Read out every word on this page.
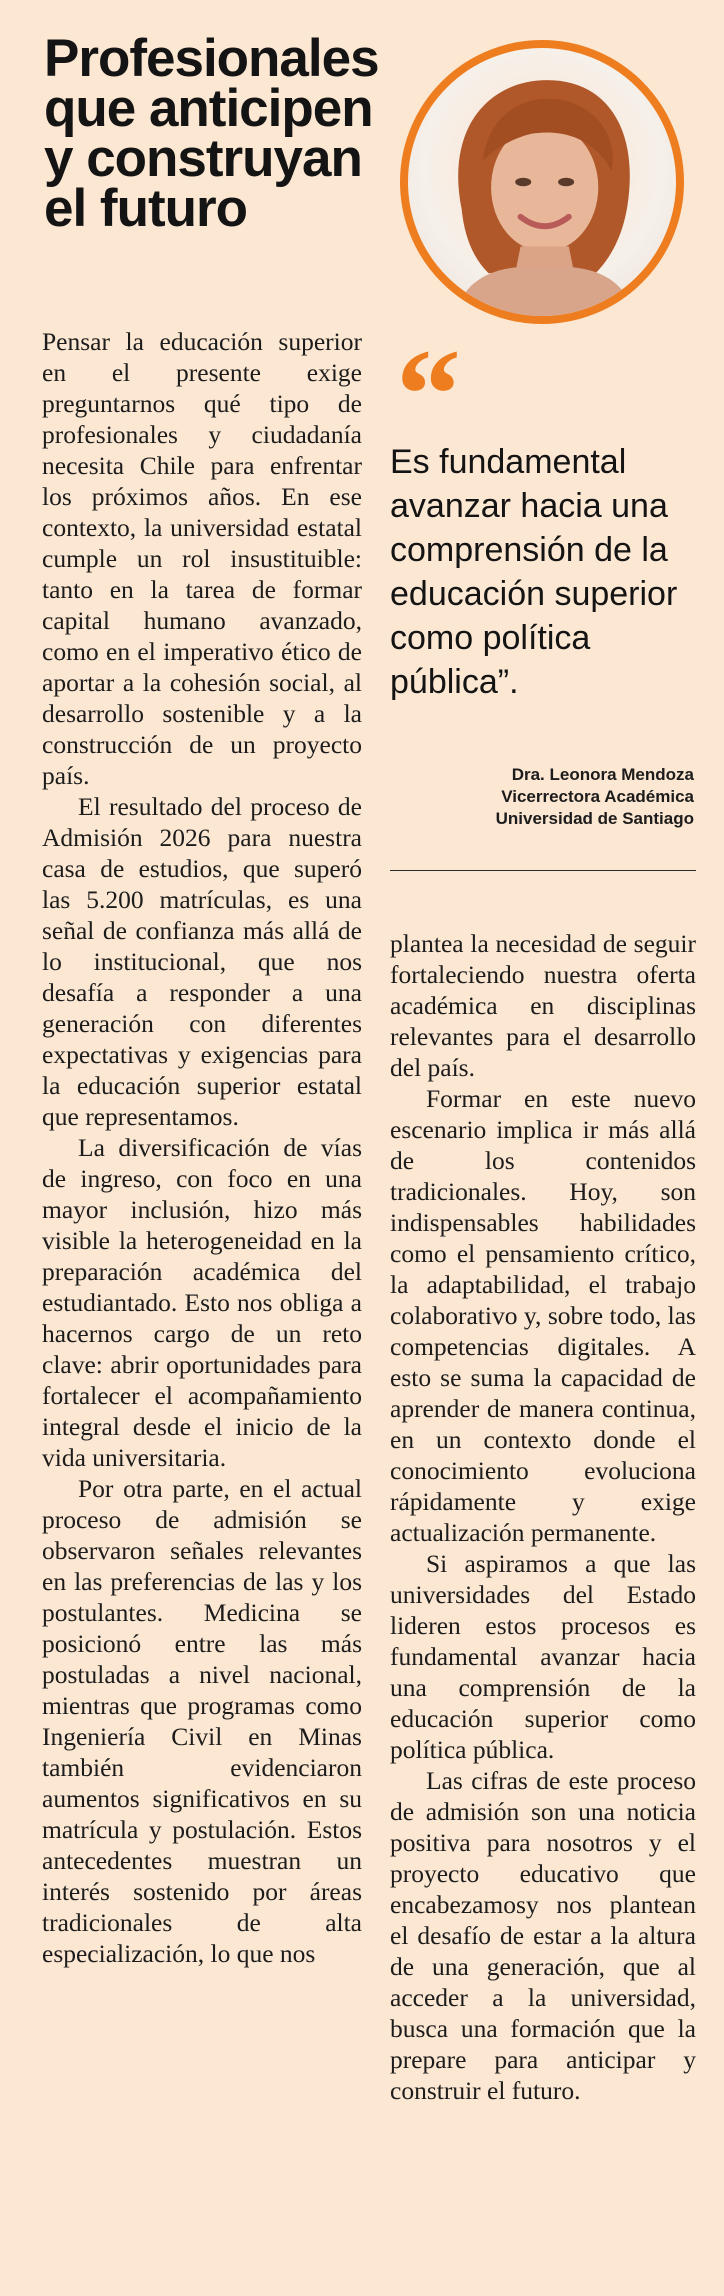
Profesionales
que anticipen
y construyan
el futuro
“
Es fundamental avanzar hacia una comprensión de la educación superior como política pública”.
Dra. Leonora Mendoza
Vicerrectora Académica
Universidad de Santiago

Pensar la educación superior en el presente exige preguntarnos qué tipo de profesionales y ciudadanía necesita Chile para enfrentar los próximos años. En ese contexto, la universidad estatal cumple un rol insustituible: tanto en la tarea de formar capital humano avanzado, como en el imperativo ético de aportar a la cohesión social, al desarrollo sostenible y a la construcción de un proyecto país.

El resultado del proceso de Admisión 2026 para nuestra casa de estudios, que superó las 5.200 matrículas, es una señal de confianza más allá de lo institucional, que nos desafía a responder a una generación con diferentes expectativas y exigencias para la educación superior estatal que representamos.

La diversificación de vías de ingreso, con foco en una mayor inclusión, hizo más visible la heterogeneidad en la preparación académica del estudiantado. Esto nos obliga a hacernos cargo de un reto clave: abrir oportunidades para fortalecer el acompañamiento integral desde el inicio de la vida universitaria.

Por otra parte, en el actual proceso de admisión se observaron señales relevantes en las preferencias de las y los postulantes. Medicina se posicionó entre las más postuladas a nivel nacional, mientras que programas como Ingeniería Civil en Minas también evidenciaron aumentos significativos en su matrícula y postulación. Estos antecedentes muestran un interés sostenido por áreas tradicionales de alta especialización, lo que nos

plantea la necesidad de seguir fortaleciendo nuestra oferta académica en disciplinas relevantes para el desarrollo del país.

Formar en este nuevo escenario implica ir más allá de los contenidos tradicionales. Hoy, son indispensables habilidades como el pensamiento crítico, la adaptabilidad, el trabajo colaborativo y, sobre todo, las competencias digitales. A esto se suma la capacidad de aprender de manera continua, en un contexto donde el conocimiento evoluciona rápidamente y exige actualización permanente.

Si aspiramos a que las universidades del Estado lideren estos procesos es fundamental avanzar hacia una comprensión de la educación superior como política pública.

Las cifras de este proceso de admisión son una noticia positiva para nosotros y el proyecto educativo que encabezamosy nos plantean el desafío de estar a la altura de una generación, que al acceder a la universidad, busca una formación que la prepare para anticipar y construir el futuro.
